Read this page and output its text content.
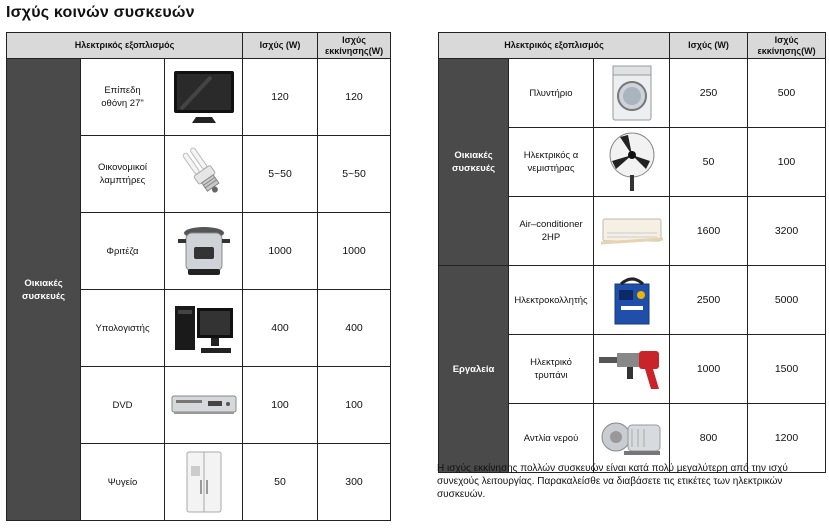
Ισχύς κοινών συσκευών
Ηλεκτρικός εξοπλισμός			Ισχύς (W)	Ισχύς
εκκίνησης(W)
Οικιακές συσκευές	Επίπεδη
οθόνη 27"		120	120
	Οικονομικοί
λαμπτήρες		5~50	5~50
	Φριτέζα		1000	1000
	Υπολογιστής		400	400
	DVD		100	100
	Ψυγείο		50	300
Ηλεκτρικός εξοπλισμός			Ισχύς (W)	Ισχύς
εκκίνησης(W)
Οικιακές συσκευές	Πλυντήριο		250	500
	Ηλεκτρικός α
νεμιστήρας		50	100
	Air–conditioner
2HP		1600	3200
Εργαλεία	Ηλεκτροκολλητής		2500	5000
	Ηλεκτρικό
τρυπάνι		1000	1500
	Αντλία νερού		800	1200
Η ισχύς εκκίνησης πολλών συσκευών είναι κατά πολύ μεγαλύτερη από την ισχύ συνεχούς λειτουργίας. Παρακαλείσθε να διαβάσετε τις ετικέτες των ηλεκτρικών συσκευών.
